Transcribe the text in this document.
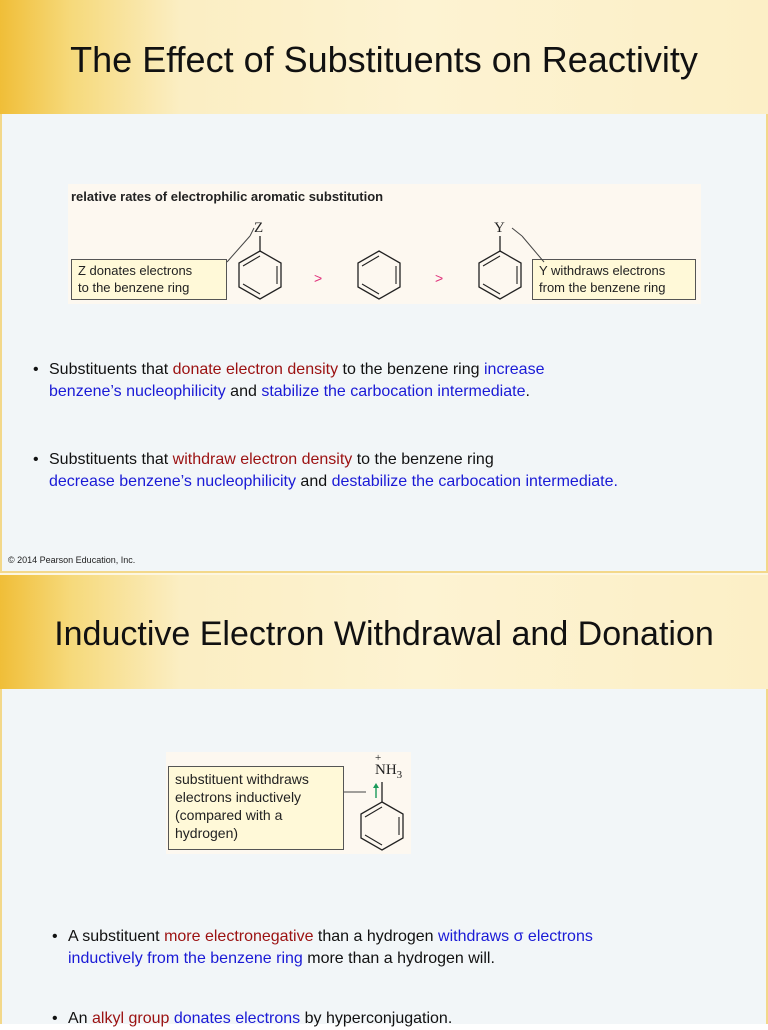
The Effect of Substituents on Reactivity
relative rates of electrophilic aromatic substitution
Z donates electrons
to the benzene ring
Y withdraws electrons
from the benzene ring
Z	Y
>	>
• Substituents that donate electron density to the benzene ring increase
benzene’s nucleophilicity and stabilize the carbocation intermediate.
• Substituents that withdraw electron density to the benzene ring
decrease benzene’s nucleophilicity and destabilize the carbocation intermediate.
© 2014 Pearson Education, Inc.
Inductive Electron Withdrawal and Donation
substituent withdraws
electrons inductively
(compared with a
hydrogen)
+
$NH_3$
• A substituent more electronegative than a hydrogen withdraws σ electrons
inductively from the benzene ring more than a hydrogen will.
• An alkyl group donates electrons by hyperconjugation.
